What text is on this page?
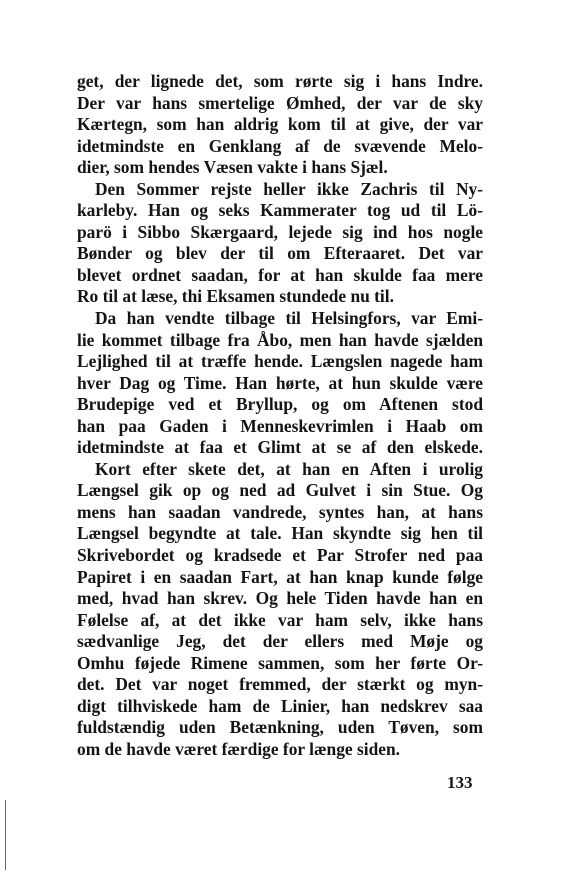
get, der lignede det, som rørte sig i hans Indre.
Der var hans smertelige Ømhed, der var de sky
Kærtegn, som han aldrig kom til at give, der var
idetmindste en Genklang af de svævende Melo-
dier, som hendes Væsen vakte i hans Sjæl.
Den Sommer rejste heller ikke Zachris til Ny-
karleby. Han og seks Kammerater tog ud til Lö-
parö i Sibbo Skærgaard, lejede sig ind hos nogle
Bønder og blev der til om Efteraaret. Det var
blevet ordnet saadan, for at han skulde faa mere
Ro til at læse, thi Eksamen stundede nu til.
Da han vendte tilbage til Helsingfors, var Emi-
lie kommet tilbage fra Åbo, men han havde sjælden
Lejlighed til at træffe hende. Længslen nagede ham
hver Dag og Time. Han hørte, at hun skulde være
Brudepige ved et Bryllup, og om Aftenen stod
han paa Gaden i Menneskevrimlen i Haab om
idetmindste at faa et Glimt at se af den elskede.
Kort efter skete det, at han en Aften i urolig
Længsel gik op og ned ad Gulvet i sin Stue. Og
mens han saadan vandrede, syntes han, at hans
Længsel begyndte at tale. Han skyndte sig hen til
Skrivebordet og kradsede et Par Strofer ned paa
Papiret i en saadan Fart, at han knap kunde følge
med, hvad han skrev. Og hele Tiden havde han en
Følelse af, at det ikke var ham selv, ikke hans
sædvanlige Jeg, det der ellers med Møje og
Omhu føjede Rimene sammen, som her førte Or-
det. Det var noget fremmed, der stærkt og myn-
digt tilhviskede ham de Linier, han nedskrev saa
fuldstændig uden Betænkning, uden Tøven, som
om de havde været færdige for længe siden.
133
